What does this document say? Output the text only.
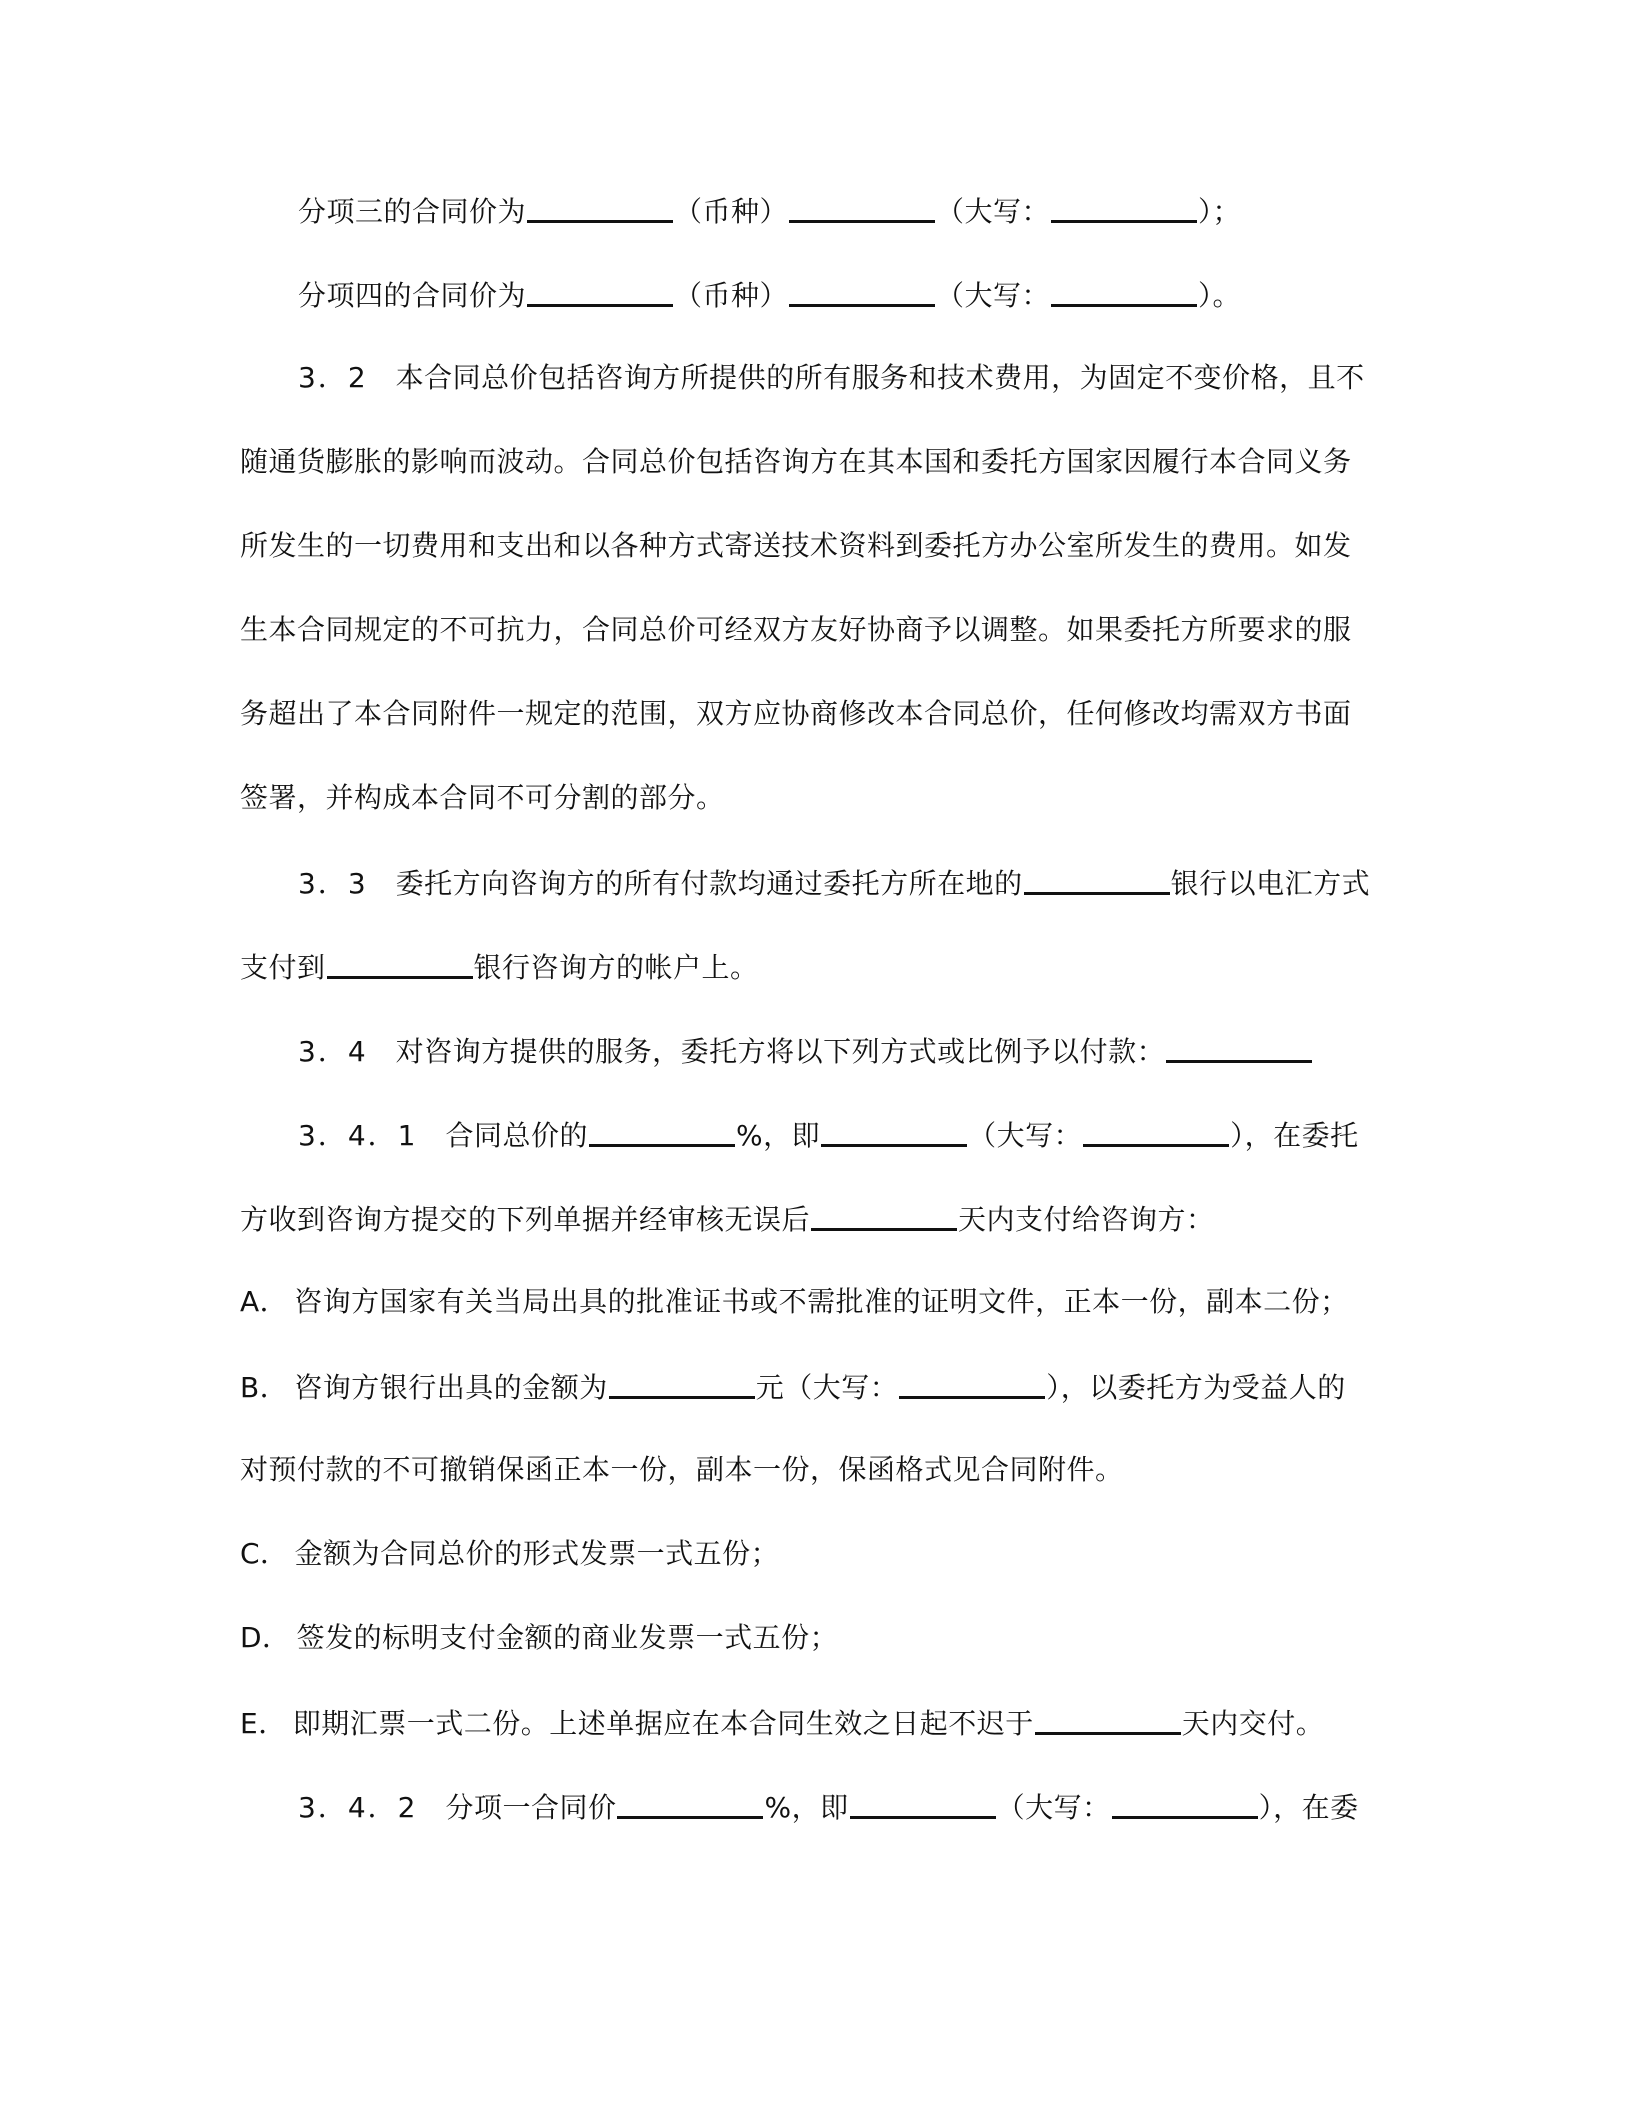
分项三的合同价为	（币种）	（大写：	）；
分项四的合同价为	（币种）	（大写：	）。
3．2 本合同总价包括咨询方所提供的所有服务和技术费用，为固定不变价格，且不
随通货膨胀的影响而波动。合同总价包括咨询方在其本国和委托方国家因履行本合同义务
所发生的一切费用和支出和以各种方式寄送技术资料到委托方办公室所发生的费用。如发
生本合同规定的不可抗力，合同总价可经双方友好协商予以调整。如果委托方所要求的服
务超出了本合同附件一规定的范围，双方应协商修改本合同总价，任何修改均需双方书面
签署，并构成本合同不可分割的部分。
3．3 委托方向咨询方的所有付款均通过委托方所在地的	银行以电汇方式
支付到	银行咨询方的帐户上。
3．4 对咨询方提供的服务，委托方将以下列方式或比例予以付款：
3．4．1 合同总价的	%，即	（大写：	），在委托
方收到咨询方提交的下列单据并经审核无误后	天内支付给咨询方：
A． 咨询方国家有关当局出具的批准证书或不需批准的证明文件，正本一份，副本二份；
B． 咨询方银行出具的金额为	元（大写：	），以委托方为受益人的
对预付款的不可撤销保函正本一份，副本一份，保函格式见合同附件。
C． 金额为合同总价的形式发票一式五份；
D． 签发的标明支付金额的商业发票一式五份；
E． 即期汇票一式二份。上述单据应在本合同生效之日起不迟于	天内交付。
3．4．2 分项一合同价	%，即	（大写：	），在委
